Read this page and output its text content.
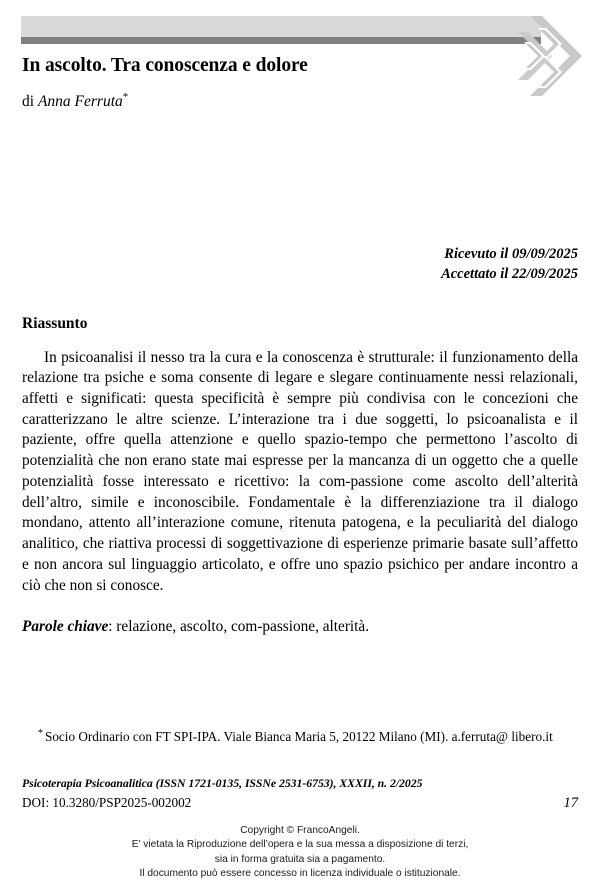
In ascolto. Tra conoscenza e dolore

di Anna Ferruta*

Ricevuto il 09/09/2025
Accettato il 22/09/2025
Riassunto

In psicoanalisi il nesso tra la cura e la conoscenza è strutturale: il funzionamento della relazione tra psiche e soma consente di legare e slegare continuamente nessi relazionali, affetti e significati: questa specificità è sempre più condivisa con le concezioni che caratterizzano le altre scienze. L’interazione tra i due soggetti, lo psicoanalista e il paziente, offre quella attenzione e quello spazio-tempo che permettono l’ascolto di potenzialità che non erano state mai espresse per la mancanza di un oggetto che a quelle potenzialità fosse interessato e ricettivo: la com-passione come ascolto dell’alterità dell’altro, simile e inconoscibile. Fondamentale è la differenziazione tra il dialogo mondano, attento all’interazione comune, ritenuta patogena, e la peculiarità del dialogo analitico, che riattiva processi di soggettivazione di esperienze primarie basate sull’affetto e non ancora sul linguaggio articolato, e offre uno spazio psichico per andare incontro a ciò che non si conosce.

Parole chiave: relazione, ascolto, com-passione, alterità.

* Socio Ordinario con FT SPI-IPA. Viale Bianca Maria 5, 20122 Milano (MI). a.ferruta@ libero.it
Psicoterapia Psicoanalitica (ISSN 1721-0135, ISSNe 2531-6753), XXXII, n. 2/2025
DOI: 10.3280/PSP2025-002002	17
Copyright © FrancoAngeli.
E' vietata la Riproduzione dell’opera e la sua messa a disposizione di terzi,
sia in forma gratuita sia a pagamento.
Il documento può essere concesso in licenza individuale o istituzionale.
